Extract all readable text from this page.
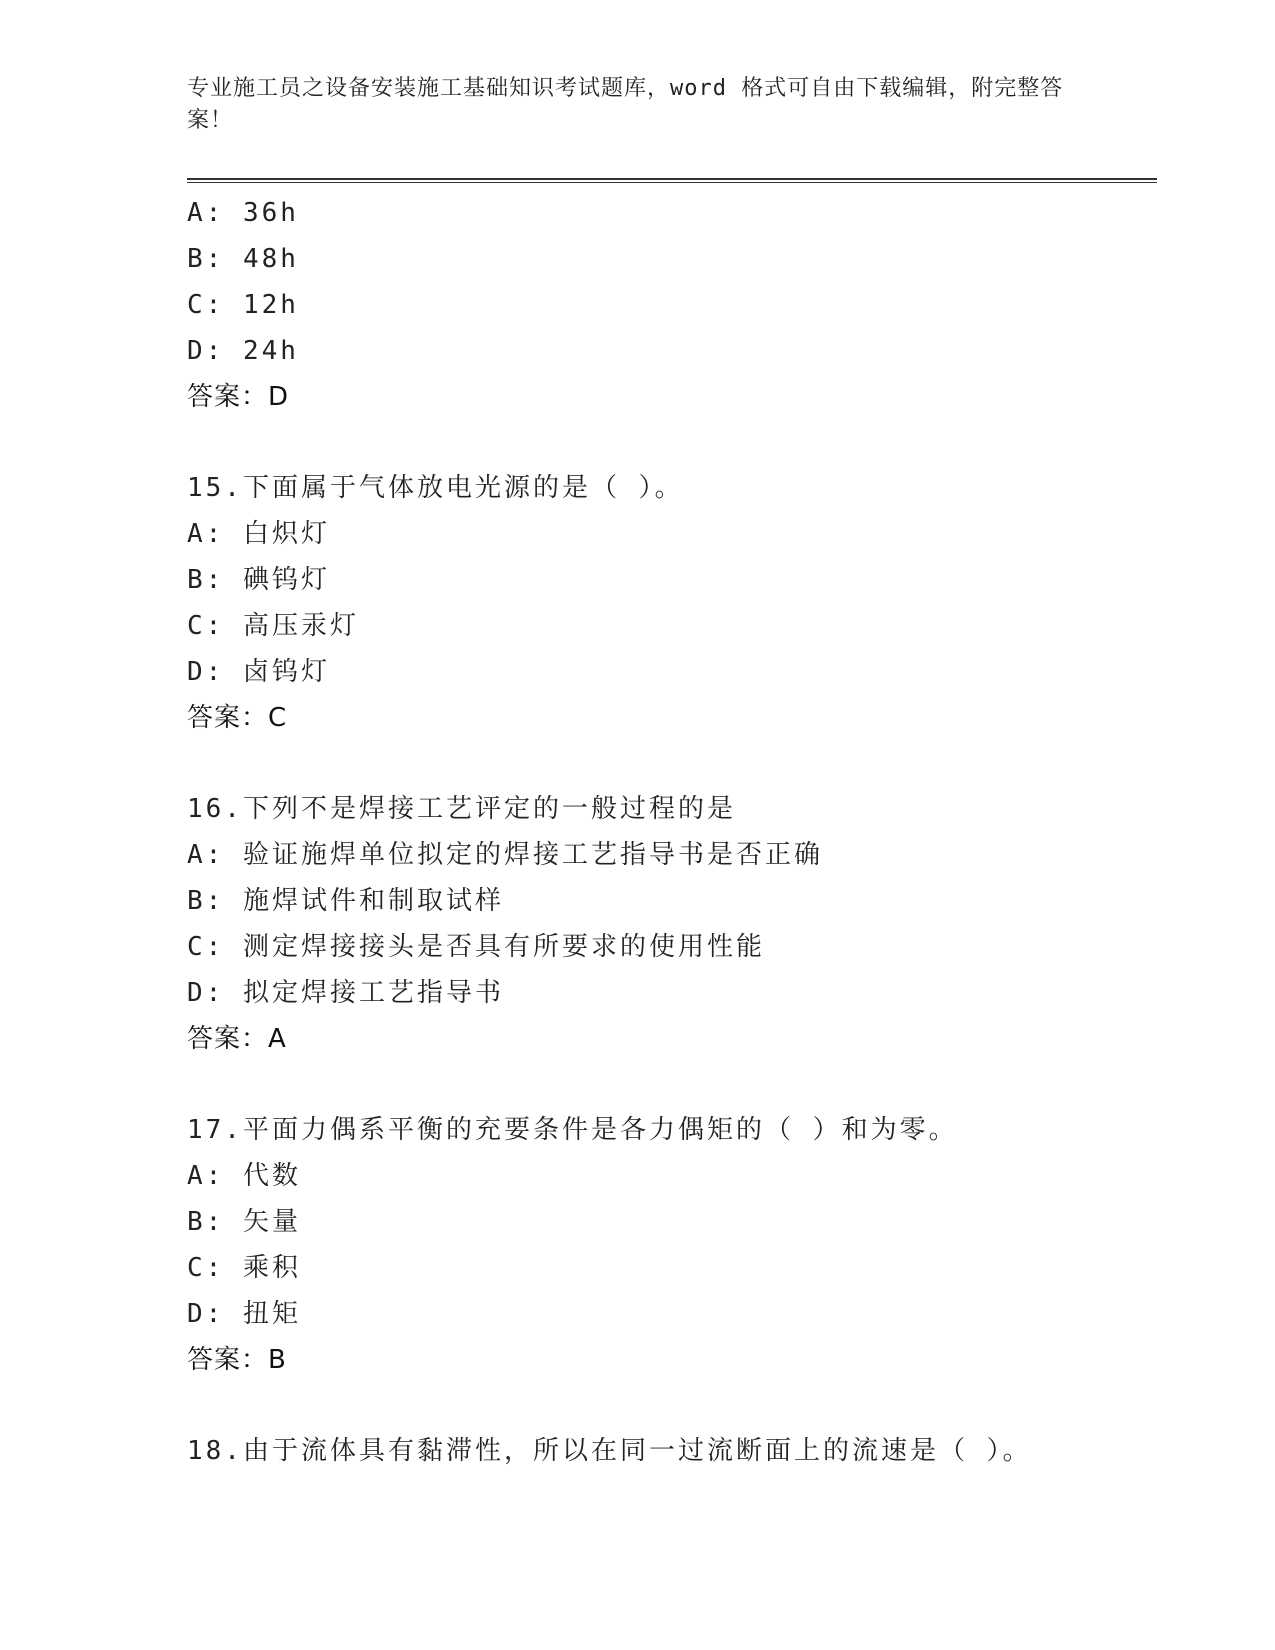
专业施工员之设备安装施工基础知识考试题库，word 格式可自由下载编辑，附完整答案！
A: 36h
B: 48h
C: 12h
D: 24h
答案：D
15.下面属于气体放电光源的是（ ）。
A: 白炽灯
B: 碘钨灯
C: 高压汞灯
D: 卤钨灯
答案：C
16.下列不是焊接工艺评定的一般过程的是
A: 验证施焊单位拟定的焊接工艺指导书是否正确
B: 施焊试件和制取试样
C: 测定焊接接头是否具有所要求的使用性能
D: 拟定焊接工艺指导书
答案：A
17.平面力偶系平衡的充要条件是各力偶矩的（ ）和为零。
A: 代数
B: 矢量
C: 乘积
D: 扭矩
答案：B
18.由于流体具有黏滞性，所以在同一过流断面上的流速是（ ）。
